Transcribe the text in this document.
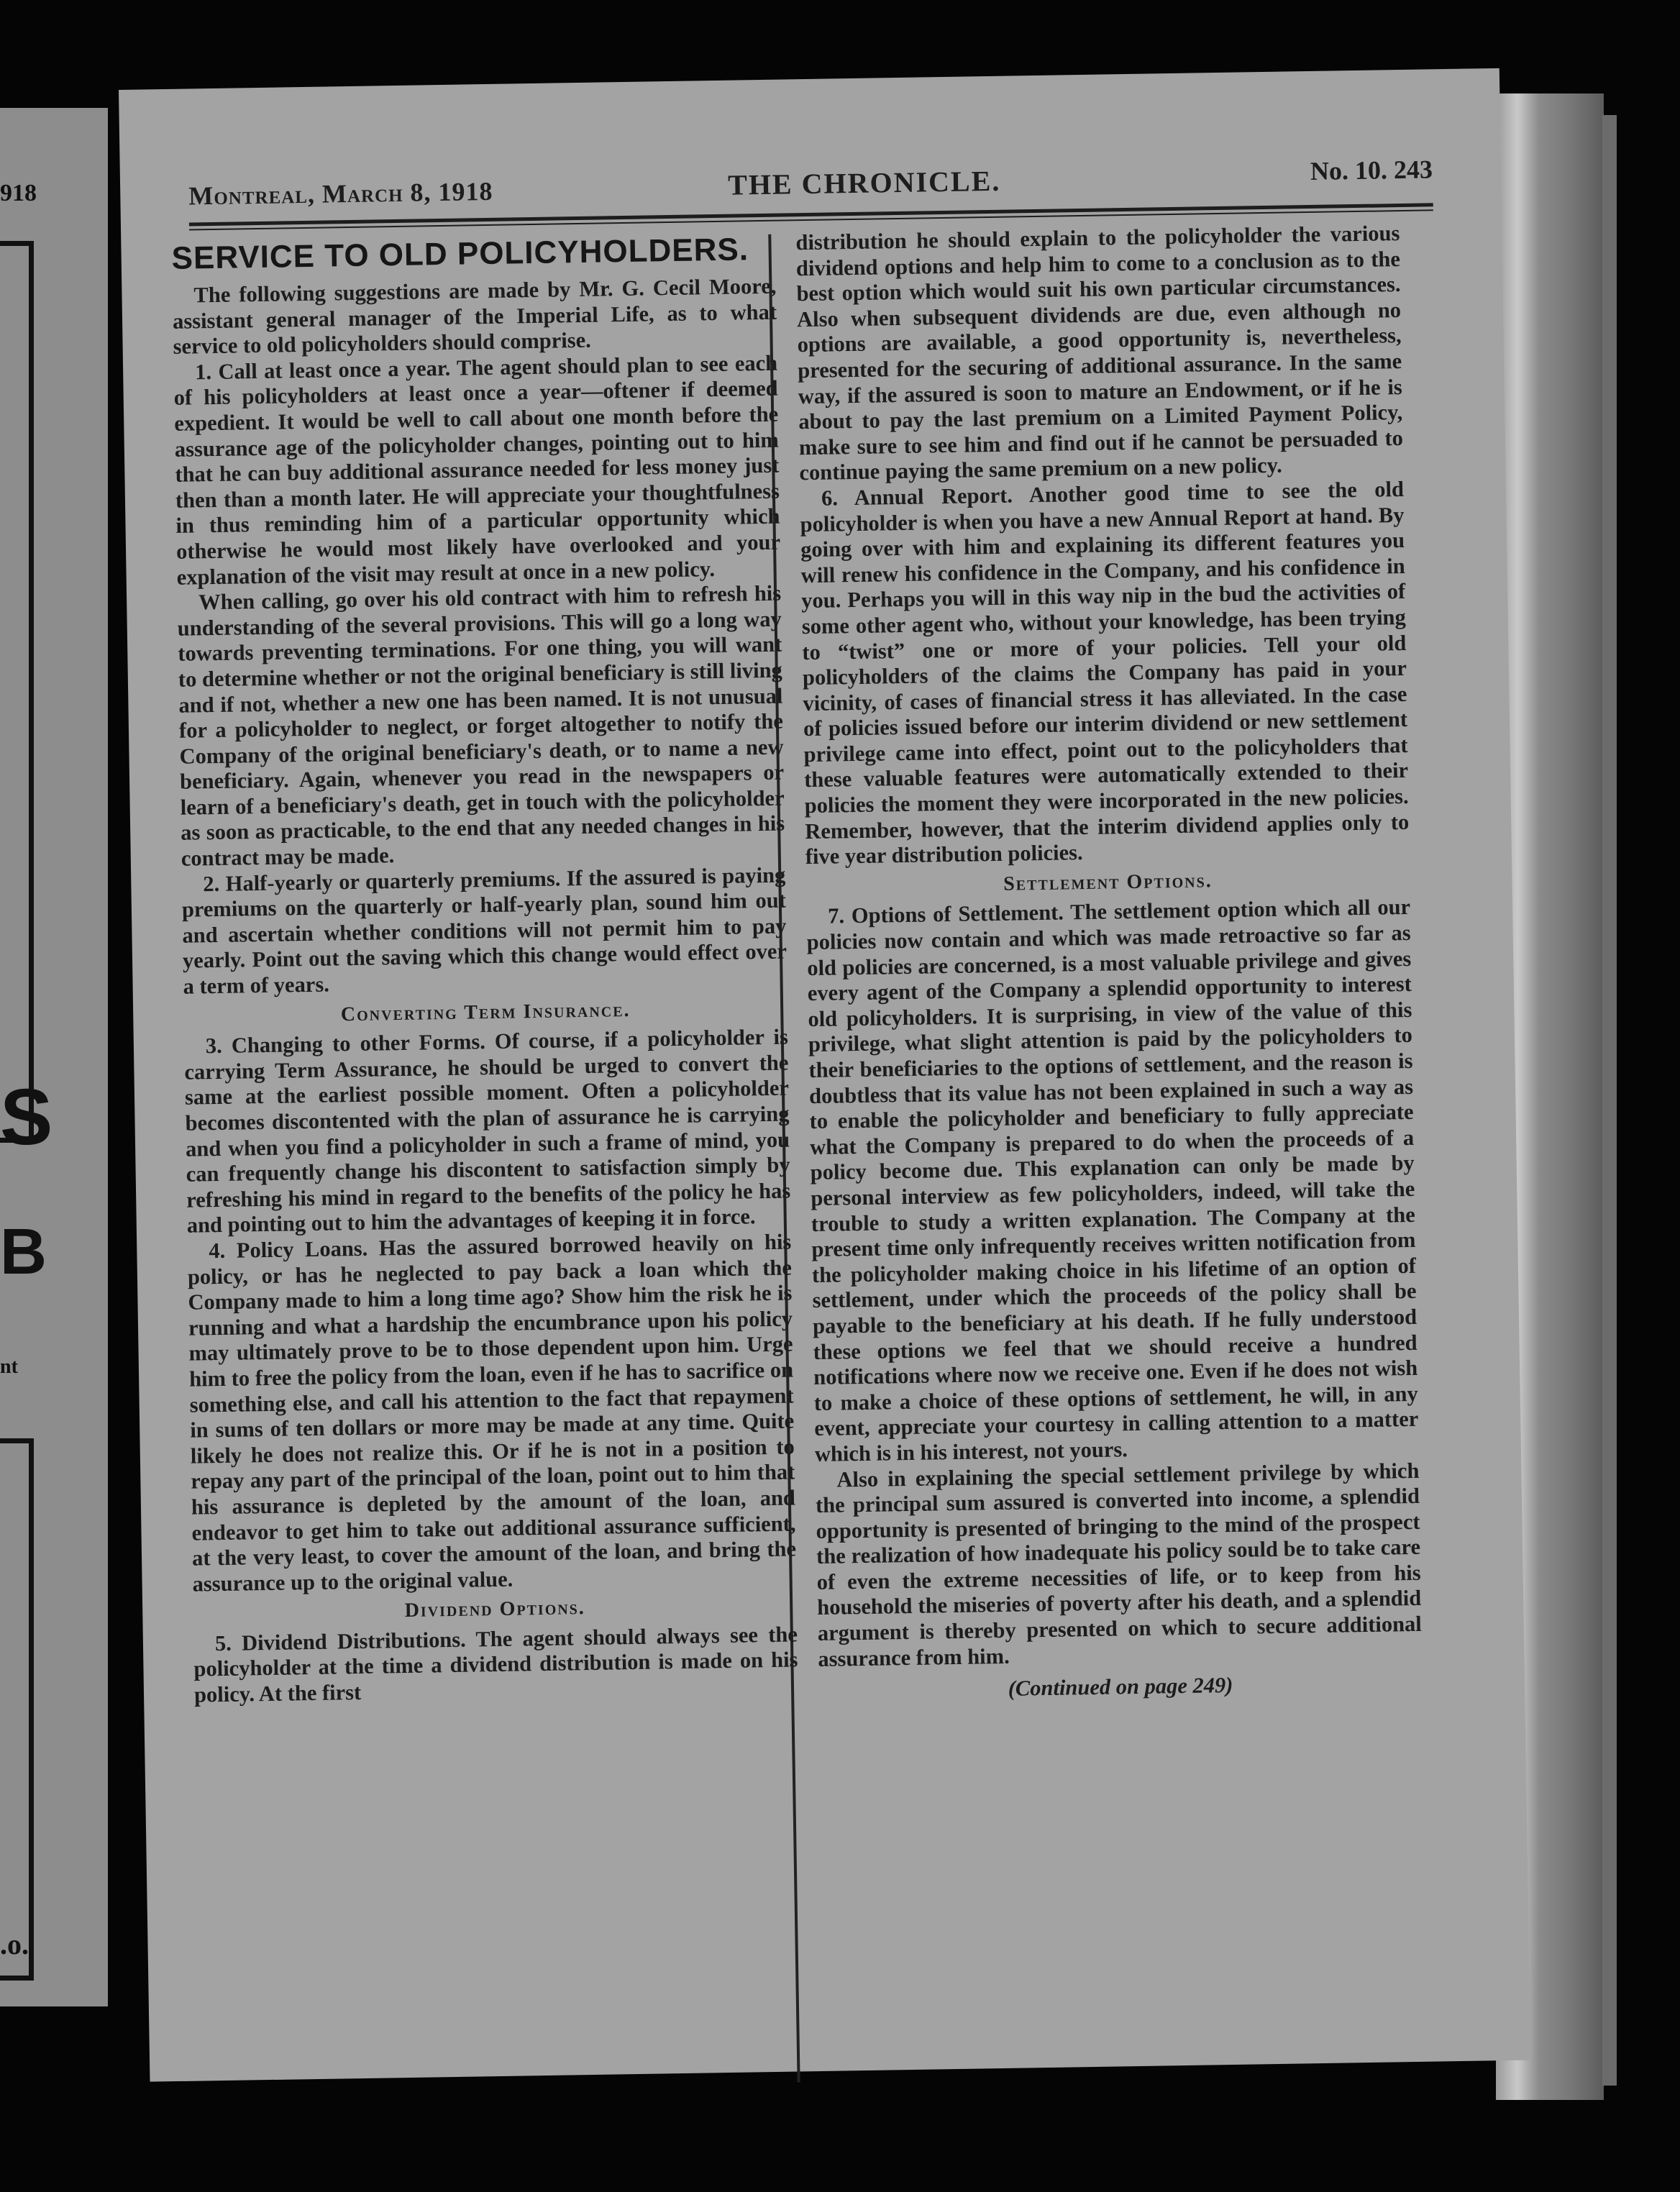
918
S
B
nt
.o.
Montreal, March 8, 1918	THE CHRONICLE.	No. 10. 243
SERVICE TO OLD POLICYHOLDERS.

The following suggestions are made by Mr. G. Cecil Moore, assistant general manager of the Imperial Life, as to what service to old policyholders should comprise.

1. Call at least once a year. The agent should plan to see each of his policyholders at least once a year—oftener if deemed expedient. It would be well to call about one month before the assurance age of the policyholder changes, pointing out to him that he can buy additional assurance needed for less money just then than a month later. He will appreciate your thoughtfulness in thus reminding him of a particular opportunity which otherwise he would most likely have overlooked and your explanation of the visit may result at once in a new policy.

When calling, go over his old contract with him to refresh his understanding of the several provisions. This will go a long way towards preventing terminations. For one thing, you will want to determine whether or not the original beneficiary is still living and if not, whether a new one has been named. It is not unusual for a policyholder to neglect, or forget altogether to notify the Company of the original beneficiary's death, or to name a new beneficiary. Again, whenever you read in the newspapers or learn of a beneficiary's death, get in touch with the policyholder as soon as practicable, to the end that any needed changes in his contract may be made.

2. Half-yearly or quarterly premiums. If the assured is paying premiums on the quarterly or half-yearly plan, sound him out and ascertain whether conditions will not permit him to pay yearly. Point out the saving which this change would effect over a term of years.

Converting Term Insurance.

3. Changing to other Forms. Of course, if a policyholder is carrying Term Assurance, he should be urged to convert the same at the earliest possible moment. Often a policyholder becomes discontented with the plan of assurance he is carrying and when you find a policyholder in such a frame of mind, you can frequently change his discontent to satisfaction simply by refreshing his mind in regard to the benefits of the policy he has and pointing out to him the advantages of keeping it in force.

4. Policy Loans. Has the assured borrowed heavily on his policy, or has he neglected to pay back a loan which the Company made to him a long time ago? Show him the risk he is running and what a hardship the encumbrance upon his policy may ultimately prove to be to those dependent upon him. Urge him to free the policy from the loan, even if he has to sacrifice on something else, and call his attention to the fact that repayment in sums of ten dollars or more may be made at any time. Quite likely he does not realize this. Or if he is not in a position to repay any part of the principal of the loan, point out to him that his assurance is depleted by the amount of the loan, and endeavor to get him to take out additional assurance sufficient, at the very least, to cover the amount of the loan, and bring the assurance up to the original value.

Dividend Options.

5. Dividend Distributions. The agent should always see the policyholder at the time a dividend distribution is made on his policy. At the first

distribution he should explain to the policyholder the various dividend options and help him to come to a conclusion as to the best option which would suit his own particular circumstances. Also when subsequent dividends are due, even although no options are available, a good opportunity is, nevertheless, presented for the securing of additional assurance. In the same way, if the assured is soon to mature an Endowment, or if he is about to pay the last premium on a Limited Payment Policy, make sure to see him and find out if he cannot be persuaded to continue paying the same premium on a new policy.

6. Annual Report. Another good time to see the old policyholder is when you have a new Annual Report at hand. By going over with him and explaining its different features you will renew his confidence in the Company, and his confidence in you. Perhaps you will in this way nip in the bud the activities of some other agent who, without your knowledge, has been trying to “twist” one or more of your policies. Tell your old policyholders of the claims the Company has paid in your vicinity, of cases of financial stress it has alleviated. In the case of policies issued before our interim dividend or new settlement privilege came into effect, point out to the policyholders that these valuable features were automatically extended to their policies the moment they were incorporated in the new policies. Remember, however, that the interim dividend applies only to five year distribution policies.

Settlement Options.

7. Options of Settlement. The settlement option which all our policies now contain and which was made retroactive so far as old policies are concerned, is a most valuable privilege and gives every agent of the Company a splendid opportunity to interest old policyholders. It is surprising, in view of the value of this privilege, what slight attention is paid by the policyholders to their beneficiaries to the options of settlement, and the reason is doubtless that its value has not been explained in such a way as to enable the policyholder and beneficiary to fully appreciate what the Company is prepared to do when the proceeds of a policy become due. This explanation can only be made by personal interview as few policyholders, indeed, will take the trouble to study a written explanation. The Company at the present time only infrequently receives written notification from the policyholder making choice in his lifetime of an option of settlement, under which the proceeds of the policy shall be payable to the beneficiary at his death. If he fully understood these options we feel that we should receive a hundred notifications where now we receive one. Even if he does not wish to make a choice of these options of settlement, he will, in any event, appreciate your courtesy in calling attention to a matter which is in his interest, not yours.

Also in explaining the special settlement privilege by which the principal sum assured is converted into income, a splendid opportunity is presented of bringing to the mind of the prospect the realization of how inadequate his policy sould be to take care of even the extreme necessities of life, or to keep from his household the miseries of poverty after his death, and a splendid argument is thereby presented on which to secure additional assurance from him.

(Continued on page 249)
